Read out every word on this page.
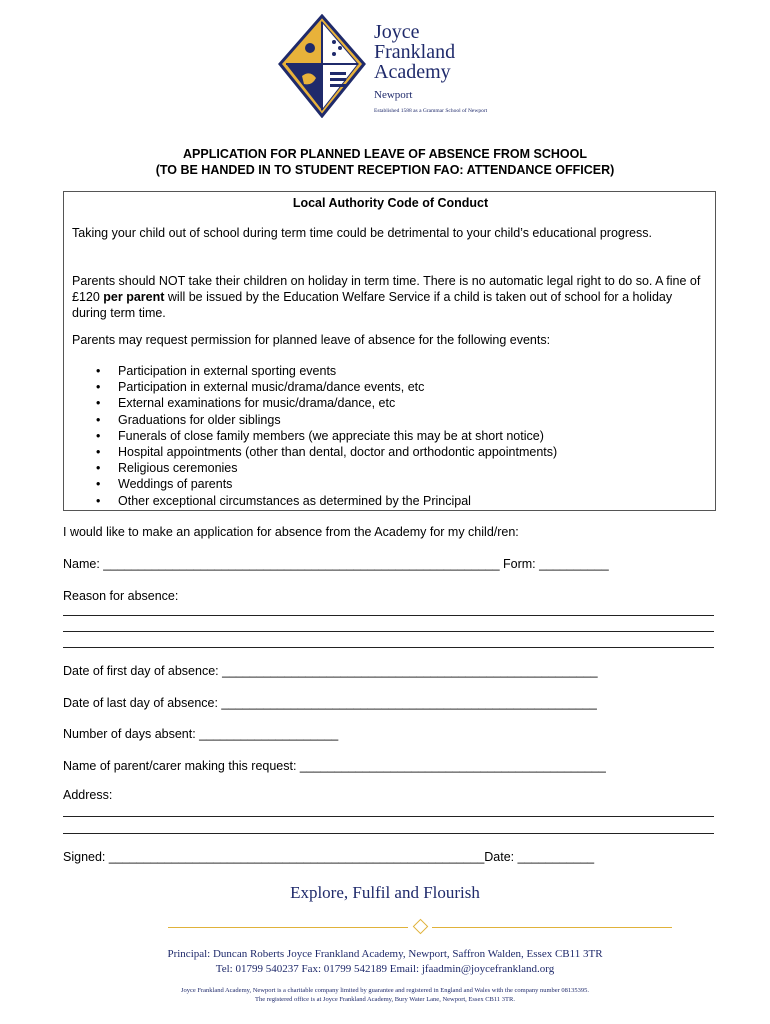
Joyce
Frankland
Academy
Newport
Established 1588 as a Grammar School of Newport
APPLICATION FOR PLANNED LEAVE OF ABSENCE FROM SCHOOL
(TO BE HANDED IN TO STUDENT RECEPTION FAO: ATTENDANCE OFFICER)
Local Authority Code of Conduct
Taking your child out of school during term time could be detrimental to your child’s educational progress.
Parents should NOT take their children on holiday in term time. There is no automatic legal right to do so. A fine of £120 per parent will be issued by the Education Welfare Service if a child is taken out of school for a holiday during term time.
Parents may request permission for planned leave of absence for the following events:
• Participation in external sporting events
• Participation in external music/drama/dance events, etc
• External examinations for music/drama/dance, etc
• Graduations for older siblings
• Funerals of close family members (we appreciate this may be at short notice)
• Hospital appointments (other than dental, doctor and orthodontic appointments)
• Religious ceremonies
• Weddings of parents
• Other exceptional circumstances as determined by the Principal
I would like to make an application for absence from the Academy for my child/ren:
Name: _________________________________________________________ Form: __________
Reason for absence:
Date of first day of absence: ______________________________________________________
Date of last day of absence: ______________________________________________________
Number of days absent: ____________________
Name of parent/carer making this request: ____________________________________________
Address:
Signed: ______________________________________________________Date: ___________
Explore, Fulfil and Flourish
Principal: Duncan Roberts Joyce Frankland Academy, Newport, Saffron Walden, Essex CB11 3TR
Tel: 01799 540237 Fax: 01799 542189 Email: jfaadmin@joycefrankland.org
Joyce Frankland Academy, Newport is a charitable company limited by guarantee and registered in England and Wales with the company number 08135395.
The registered office is at Joyce Frankland Academy, Bury Water Lane, Newport, Essex CB11 3TR.
